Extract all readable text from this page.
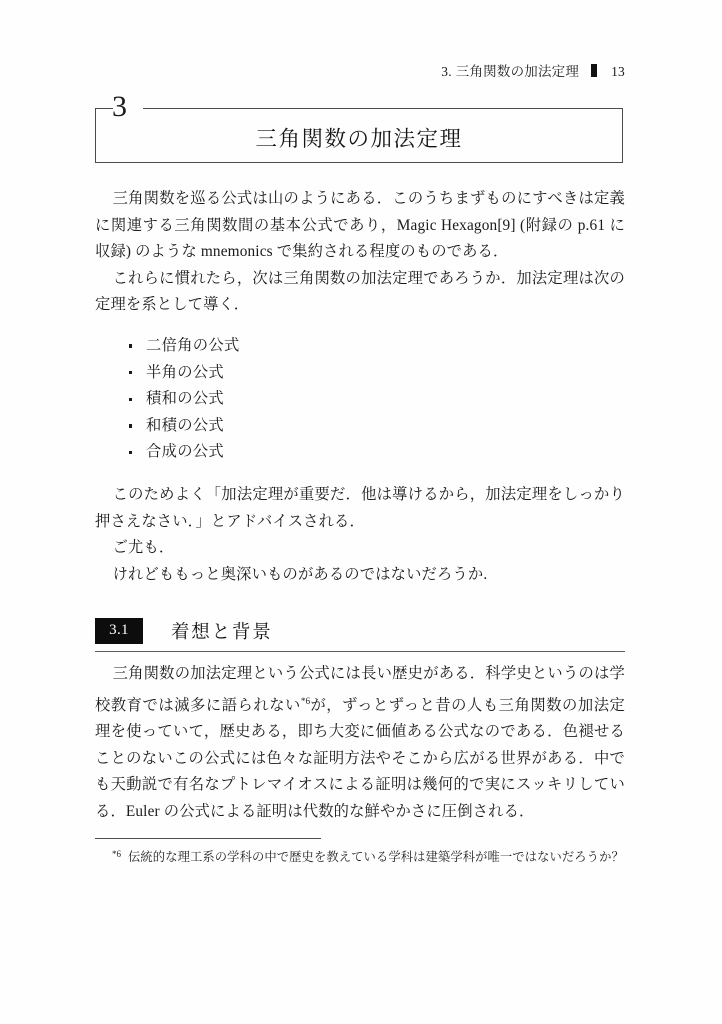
3. 三角関数の加法定理 13
3
三角関数の加法定理

三角関数を巡る公式は山のようにある．このうちまずものにすべきは定義に関連する三角関数間の基本公式であり，Magic Hexagon[9] (附録の p.61 に収録) のような mnemonics で集約される程度のものである．

これらに慣れたら，次は三角関数の加法定理であろうか．加法定理は次の定理を系として導く．

二倍角の公式
半角の公式
積和の公式
和積の公式
合成の公式

このためよく「加法定理が重要だ．他は導けるから，加法定理をしっかり押さえなさい．」とアドバイスされる．

ご尤も．

けれどももっと奥深いものがあるのではないだろうか.

3.1	着想と背景

三角関数の加法定理という公式には長い歴史がある．科学史というのは学校教育では滅多に語られない$^{*6}$が，ずっとずっと昔の人も三角関数の加法定理を使っていて，歴史ある，即ち大変に価値ある公式なのである．色褪せることのないこの公式には色々な証明方法やそこから広がる世界がある．中でも天動説で有名なプトレマイオスによる証明は幾何的で実にスッキリしている．Euler の公式による証明は代数的な鮮やかさに圧倒される．

*6 伝統的な理工系の学科の中で歴史を教えている学科は建築学科が唯一ではないだろうか？
